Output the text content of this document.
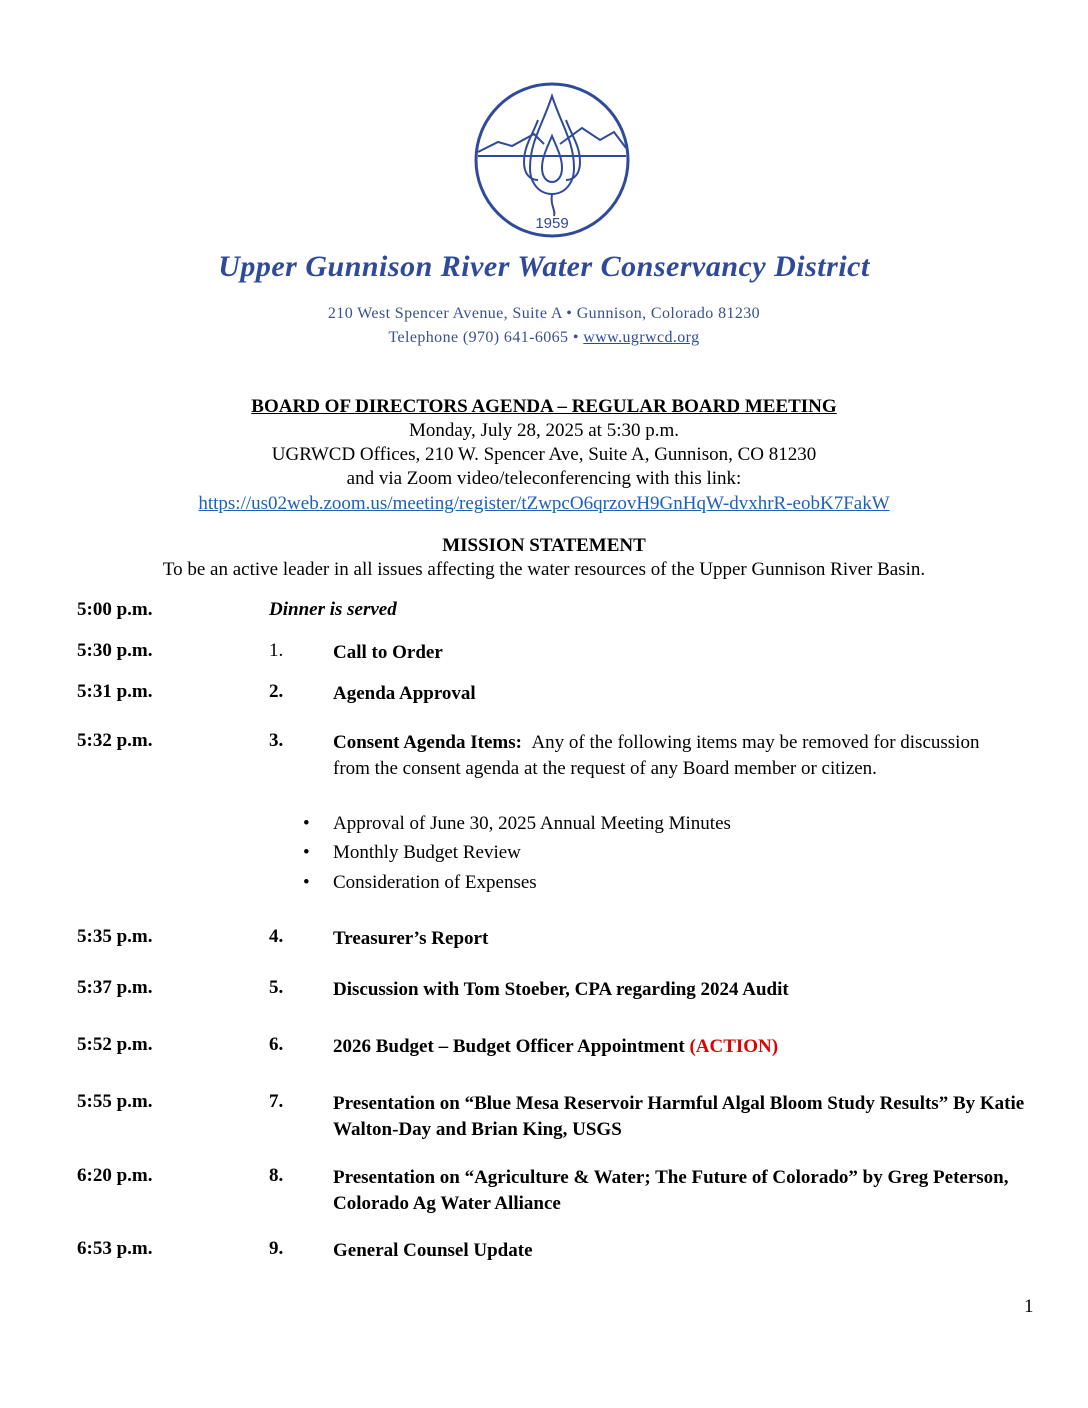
1959
Upper Gunnison River Water Conservancy District
210 West Spencer Avenue, Suite A • Gunnison, Colorado 81230
Telephone (970) 641-6065 • www.ugrwcd.org
BOARD OF DIRECTORS AGENDA – REGULAR BOARD MEETING
Monday, July 28, 2025 at 5:30 p.m.
UGRWCD Offices, 210 W. Spencer Ave, Suite A, Gunnison, CO 81230
and via Zoom video/teleconferencing with this link:
https://us02web.zoom.us/meeting/register/tZwpcO6qrzovH9GnHqW-dvxhrR-eobK7FakW
MISSION STATEMENT
To be an active leader in all issues affecting the water resources of the Upper Gunnison River Basin.
5:00 p.m.	Dinner is served
5:30 p.m.	1.	Call to Order
5:31 p.m.	2.	Agenda Approval
5:32 p.m.	3.	Consent Agenda Items: Any of the following items may be removed for discussion from the consent agenda at the request of any Board member or citizen.
• Approval of June 30, 2025 Annual Meeting Minutes
• Monthly Budget Review
• Consideration of Expenses
5:35 p.m.	4.	Treasurer’s Report
5:37 p.m.	5.	Discussion with Tom Stoeber, CPA regarding 2024 Audit
5:52 p.m.	6.	2026 Budget – Budget Officer Appointment (ACTION)
5:55 p.m.	7.	Presentation on “Blue Mesa Reservoir Harmful Algal Bloom Study Results” By Katie Walton-Day and Brian King, USGS
6:20 p.m.	8.	Presentation on “Agriculture & Water; The Future of Colorado” by Greg Peterson, Colorado Ag Water Alliance
6:53 p.m.	9.	General Counsel Update
1
